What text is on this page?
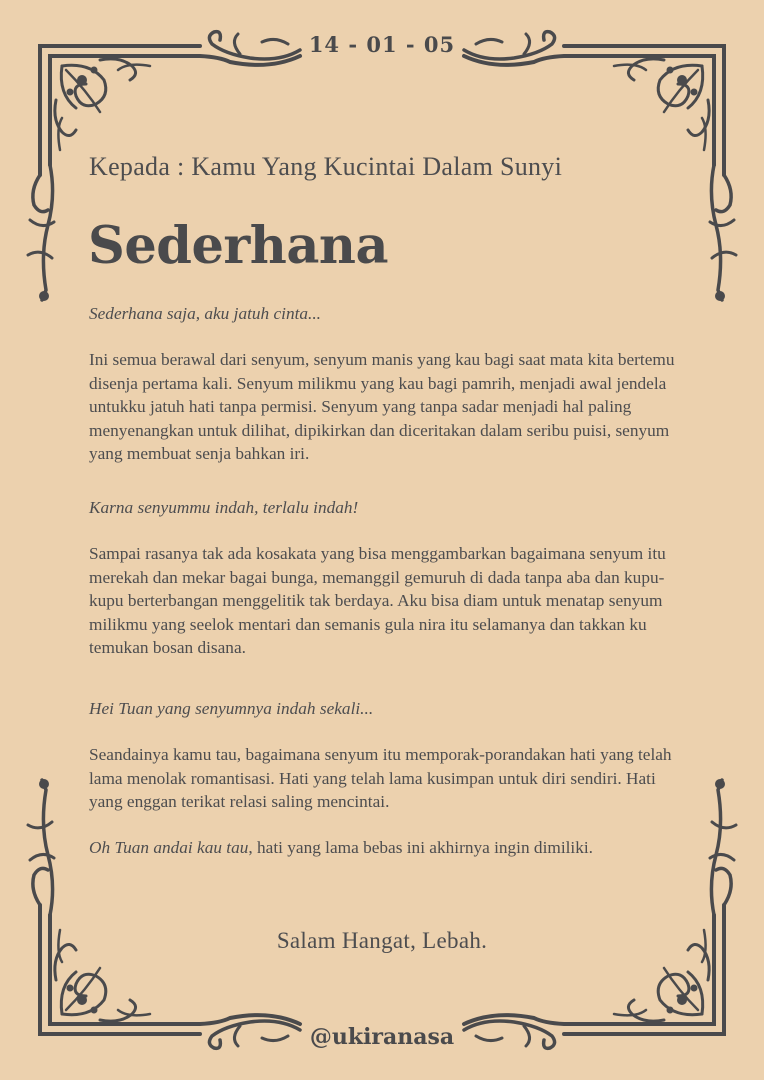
14 - 01 - 05
Kepada : Kamu Yang Kucintai Dalam Sunyi
Sederhana

Sederhana saja, aku jatuh cinta...

Ini semua berawal dari senyum, senyum manis yang kau bagi saat mata kita bertemu disenja pertama kali. Senyum milikmu yang kau bagi pamrih, menjadi awal jendela untukku jatuh hati tanpa permisi. Senyum yang tanpa sadar menjadi hal paling menyenangkan untuk dilihat, dipikirkan dan diceritakan dalam seribu puisi, senyum yang membuat senja bahkan iri.

Karna senyummu indah, terlalu indah!

Sampai rasanya tak ada kosakata yang bisa menggambarkan bagaimana senyum itu merekah dan mekar bagai bunga, memanggil gemuruh di dada tanpa aba dan kupu-kupu berterbangan menggelitik tak berdaya. Aku bisa diam untuk menatap senyum milikmu yang seelok mentari dan semanis gula nira itu selamanya dan takkan ku temukan bosan disana.

Hei Tuan yang senyumnya indah sekali...

Seandainya kamu tau, bagaimana senyum itu memporak-porandakan hati yang telah lama menolak romantisasi. Hati yang telah lama kusimpan untuk diri sendiri. Hati yang enggan terikat relasi saling mencintai.

Oh Tuan andai kau tau, hati yang lama bebas ini akhirnya ingin dimiliki.

Salam Hangat, Lebah.
@ukiranasa
